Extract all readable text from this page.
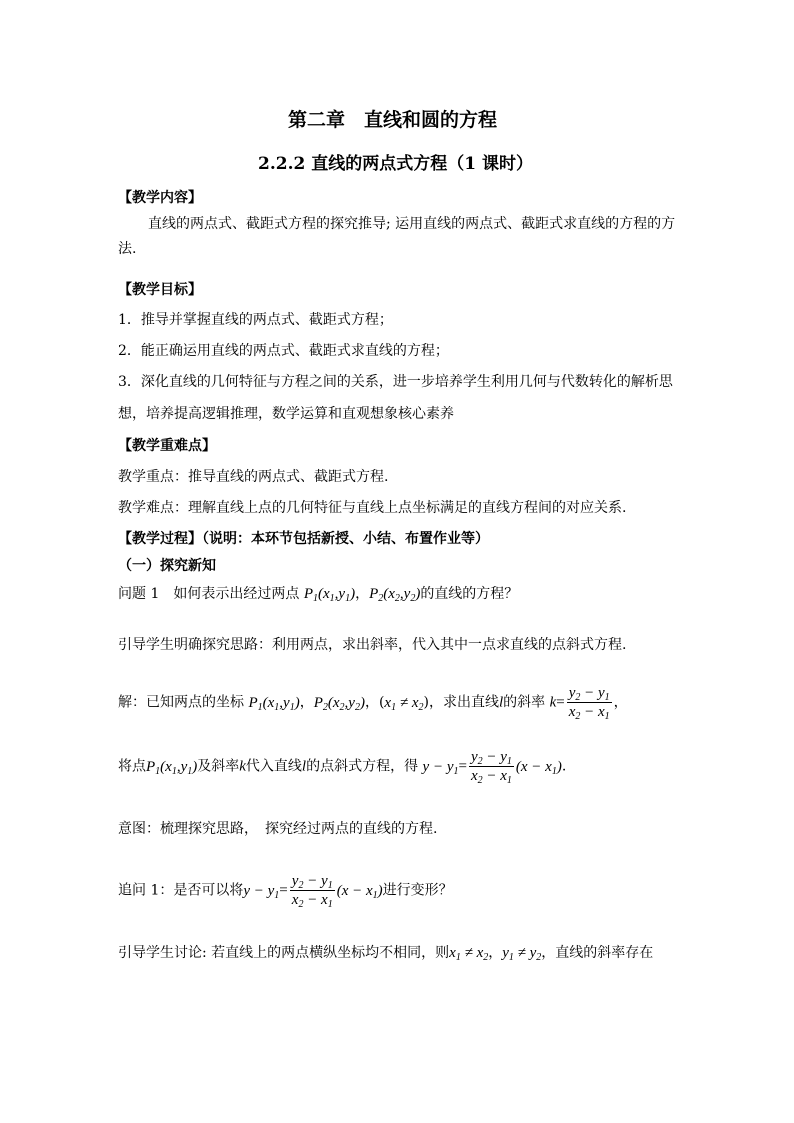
第二章　直线和圆的方程
2.2.2 直线的两点式方程（1 课时）
【教学内容】
直线的两点式、截距式方程的探究推导; 运用直线的两点式、截距式求直线的方程的方
法.
【教学目标】
1．推导并掌握直线的两点式、截距式方程；
2．能正确运用直线的两点式、截距式求直线的方程；
3．深化直线的几何特征与方程之间的关系，进一步培养学生利用几何与代数转化的解析思
想，培养提高逻辑推理，数学运算和直观想象核心素养
【教学重难点】
教学重点：推导直线的两点式、截距式方程.
教学难点：理解直线上点的几何特征与直线上点坐标满足的直线方程间的对应关系.
【教学过程】（说明：本环节包括新授、小结、布置作业等）
（一）探究新知
问题 1　如何表示出经过两点 $P_1(x_1,y_1)$，$P_2(x_2,y_2)$的直线的方程？
引导学生明确探究思路：利用两点，求出斜率，代入其中一点求直线的点斜式方程.
解：已知两点的坐标 $P_1(x_1,y_1)$，$P_2(x_2,y_2)$，$(x_1 \ne x_2)$，求出直线l的斜率 $k= \frac{y_2 - y_1}{x_2 - x_1}$ ，
将点$P_1(x_1,y_1)$及斜率k代入直线l的点斜式方程，得 $y - y_1= \frac{y_2 - y_1}{x_2 - x_1} (x - x_1)$.
意图：梳理探究思路，　探究经过两点的直线的方程.
追问 1：是否可以将$y - y_1= \frac{y_2 - y_1}{x_2 - x_1} (x - x_1)$进行变形？
引导学生讨论: 若直线上的两点横纵坐标均不相同，则$x_1 \ne x_2$，$y_1 \ne y_2$，直线的斜率存在
